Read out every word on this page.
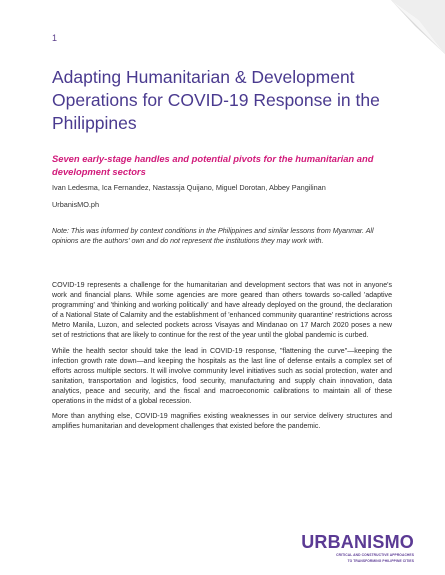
1
Adapting Humanitarian & Development Operations for COVID-19 Response in the Philippines
Seven early-stage handles and potential pivots for the humanitarian and development sectors
Ivan Ledesma, Ica Fernandez, Nastassja Quijano, Miguel Dorotan, Abbey Pangilinan
UrbanisMO.ph
Note: This was informed by context conditions in the Philippines and similar lessons from Myanmar. All opinions are the authors' own and do not represent the institutions they may work with.

COVID-19 represents a challenge for the humanitarian and development sectors that was not in anyone's work and financial plans. While some agencies are more geared than others towards so-called 'adaptive programming' and 'thinking and working politically' and have already deployed on the ground, the declaration of a National State of Calamity and the establishment of 'enhanced community quarantine' restrictions across Metro Manila, Luzon, and selected pockets across Visayas and Mindanao on 17 March 2020 poses a new set of restrictions that are likely to continue for the rest of the year until the global pandemic is curbed.

While the health sector should take the lead in COVID-19 response, "flattening the curve"—keeping the infection growth rate down—and keeping the hospitals as the last line of defense entails a complex set of efforts across multiple sectors. It will involve community level initiatives such as social protection, water and sanitation, transportation and logistics, food security, manufacturing and supply chain innovation, data analytics, peace and security, and the fiscal and macroeconomic calibrations to maintain all of these operations in the midst of a global recession.

More than anything else, COVID-19 magnifies existing weaknesses in our service delivery structures and amplifies humanitarian and development challenges that existed before the pandemic.

URBANISMO
CRITICAL AND CONSTRUCTIVE APPROACHES
TO TRANSFORMING PHILIPPINE CITIES
